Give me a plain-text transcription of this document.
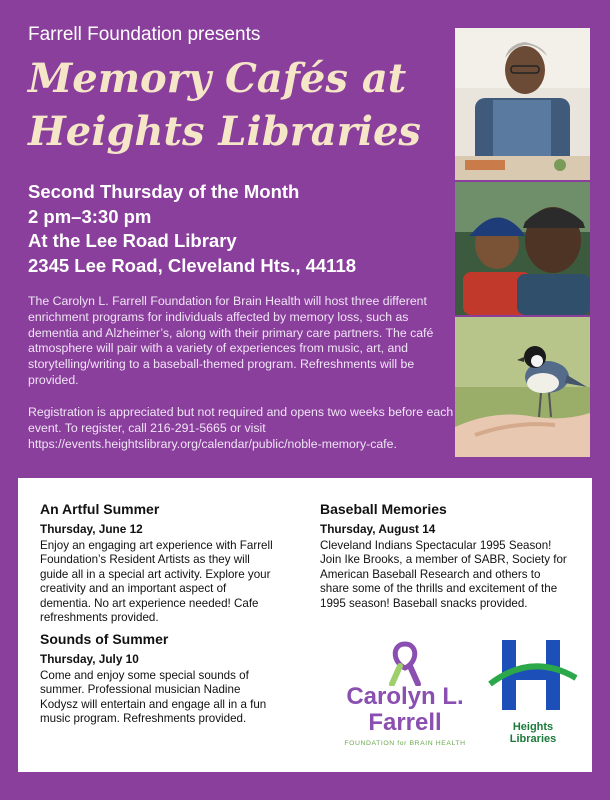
Farrell Foundation presents
Memory Cafés at
Heights Libraries
Second Thursday of the Month
2 pm–3:30 pm
At the Lee Road Library
2345 Lee Road, Cleveland Hts., 44118

The Carolyn L. Farrell Foundation for Brain Health will host three different enrichment programs for individuals affected by memory loss, such as dementia and Alzheimer’s, along with their primary care partners. The café atmosphere will pair with a variety of experiences from music, art, and storytelling/writing to a baseball-themed program. Refreshments will be provided.

Registration is appreciated but not required and opens two weeks before each event. To register, call 216-291-5665 or visit https://events.heightslibrary.org/calendar/public/noble-memory-cafe.

An Artful Summer
Thursday, June 12

Enjoy an engaging art experience with Farrell Foundation’s Resident Artists as they will guide all in a special art activity. Explore your creativity and an important aspect of dementia. No art experience needed! Cafe refreshments provided.

Sounds of Summer
Thursday, July 10

Come and enjoy some special sounds of summer. Professional musician Nadine Kodysz will entertain and engage all in a fun music program. Refreshments provided.

Baseball Memories
Thursday, August 14

Cleveland Indians Spectacular 1995 Season! Join Ike Brooks, a member of SABR, Society for American Baseball Research and others to share some of the thrills and excitement of the 1995 season! Baseball snacks provided.

Carolyn L.
Farrell
FOUNDATION for BRAIN HEALTH
Heights
Libraries
